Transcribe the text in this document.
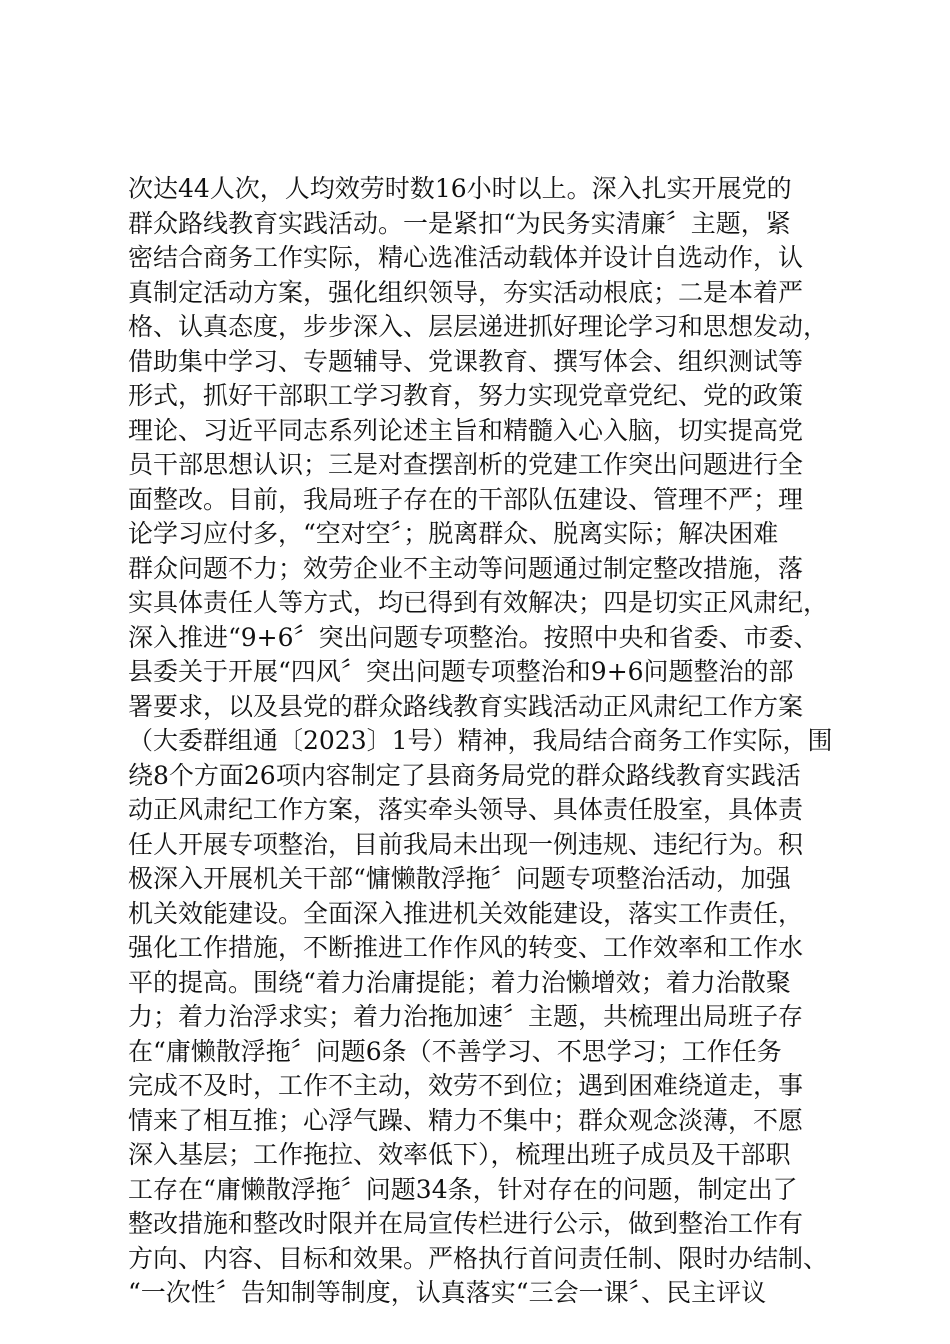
次达44人次，人均效劳时数16小时以上。深入扎实开展党的
群众路线教育实践活动。一是紧扣“为民务实清廉〞主题，紧
密结合商务工作实际，精心选准活动载体并设计自选动作，认
真制定活动方案，强化组织领导，夯实活动根底；二是本着严
格、认真态度，步步深入、层层递进抓好理论学习和思想发动，
借助集中学习、专题辅导、党课教育、撰写体会、组织测试等
形式，抓好干部职工学习教育，努力实现党章党纪、党的政策
理论、习近平同志系列论述主旨和精髓入心入脑，切实提高党
员干部思想认识；三是对查摆剖析的党建工作突出问题进行全
面整改。目前，我局班子存在的干部队伍建设、管理不严；理
论学习应付多，“空对空〞；脱离群众、脱离实际；解决困难
群众问题不力；效劳企业不主动等问题通过制定整改措施，落
实具体责任人等方式，均已得到有效解决；四是切实正风肃纪，
深入推进“9+6〞突出问题专项整治。按照中央和省委、市委、
县委关于开展“四风〞突出问题专项整治和9+6问题整治的部
署要求，以及县党的群众路线教育实践活动正风肃纪工作方案
（大委群组通〔2023〕1号）精神，我局结合商务工作实际，围
绕8个方面26项内容制定了县商务局党的群众路线教育实践活
动正风肃纪工作方案，落实牵头领导、具体责任股室，具体责
任人开展专项整治，目前我局未出现一例违规、违纪行为。积
极深入开展机关干部“慵懒散浮拖〞问题专项整治活动，加强
机关效能建设。全面深入推进机关效能建设，落实工作责任，
强化工作措施，不断推进工作作风的转变、工作效率和工作水
平的提高。围绕“着力治庸提能；着力治懒增效；着力治散聚
力；着力治浮求实；着力治拖加速〞主题，共梳理出局班子存
在“庸懒散浮拖〞问题6条（不善学习、不思学习；工作任务
完成不及时，工作不主动，效劳不到位；遇到困难绕道走，事
情来了相互推；心浮气躁、精力不集中；群众观念淡薄，不愿
深入基层；工作拖拉、效率低下），梳理出班子成员及干部职
工存在“庸懒散浮拖〞问题34条，针对存在的问题，制定出了
整改措施和整改时限并在局宣传栏进行公示，做到整治工作有
方向、内容、目标和效果。严格执行首问责任制、限时办结制、
“一次性〞告知制等制度，认真落实“三会一课〞、民主评议
